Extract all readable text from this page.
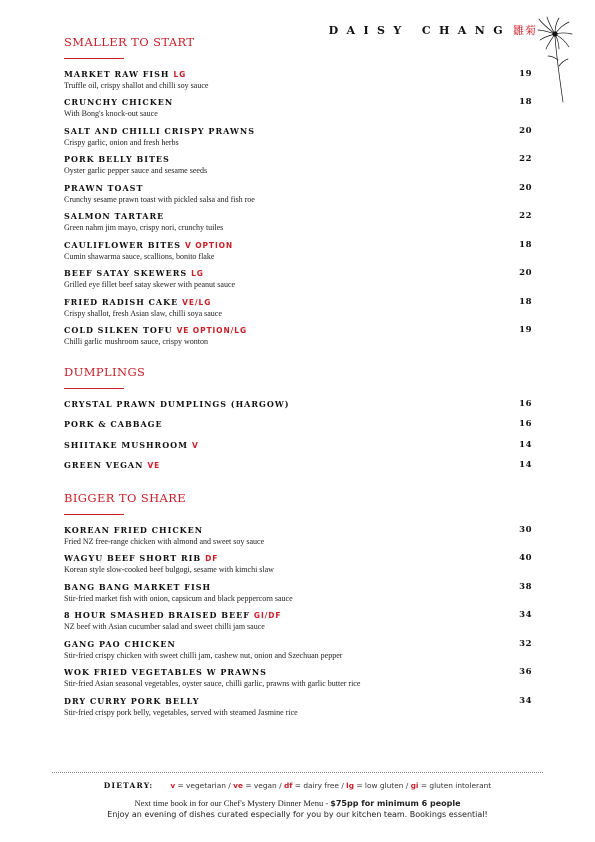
DAISY CHANG 雛菊
SMALLER TO START
MARKET RAW FISH LG
Truffle oil, crispy shallot and chilli soy sauce
19
CRUNCHY CHICKEN
With Bong's knock-out sauce
18
SALT AND CHILLI CRISPY PRAWNS
Crispy garlic, onion and fresh herbs
20
PORK BELLY BITES
Oyster garlic pepper sauce and sesame seeds
22
PRAWN TOAST
Crunchy sesame prawn toast with pickled salsa and fish roe
20
SALMON TARTARE
Green nahm jim mayo, crispy nori, crunchy tuiles
22
CAULIFLOWER BITES V OPTION
Cumin shawarma sauce, scallions, bonito flake
18
BEEF SATAY SKEWERS LG
Grilled eye fillet beef satay skewer with peanut sauce
20
FRIED RADISH CAKE VE/LG
Crispy shallot, fresh Asian slaw, chilli soya sauce
18
COLD SILKEN TOFU VE OPTION/LG
Chilli garlic mushroom sauce, crispy wonton
19
CRYSTAL PRAWN DUMPLINGS (HARGOW)	16
PORK & CABBAGE	16
SHIITAKE MUSHROOM V	14
GREEN VEGAN VE	14
KOREAN FRIED CHICKEN
Fried NZ free-range chicken with almond and sweet soy sauce
30
WAGYU BEEF SHORT RIB DF
Korean style slow-cooked beef bulgogi, sesame with kimchi slaw
40
BANG BANG MARKET FISH
Stir-fried market fish with onion, capsicum and black peppercorn sauce
38
8 HOUR SMASHED BRAISED BEEF GI/DF
NZ beef with Asian cucumber salad and sweet chilli jam sauce
34
GANG PAO CHICKEN
Stir-fried crispy chicken with sweet chilli jam, cashew nut, onion and Szechuan pepper
32
WOK FRIED VEGETABLES W PRAWNS
Stir-fried Asian seasonal vegetables, oyster sauce, chilli garlic, prawns with garlic butter rice
36
DRY CURRY PORK BELLY
Stir-fried crispy pork belly, vegetables, served with steamed Jasmine rice
34
DUMPLINGS
BIGGER TO SHARE
DIETARY: v = vegetarian / ve = vegan / df = dairy free / lg = low gluten / gi = gluten intolerant
Next time book in for our Chef's Mystery Dinner Menu - $75pp for minimum 6 people
Enjoy an evening of dishes curated especially for you by our kitchen team. Bookings essential!
